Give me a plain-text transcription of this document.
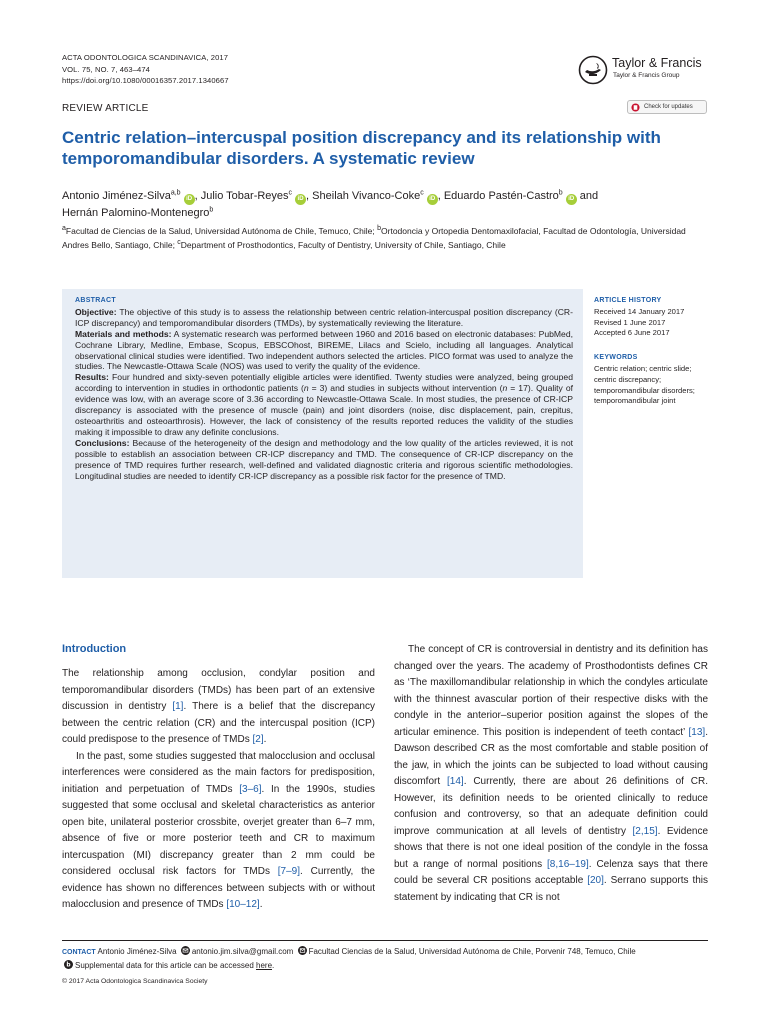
ACTA ODONTOLOGICA SCANDINAVICA, 2017
VOL. 75, NO. 7, 463–474
https://doi.org/10.1080/00016357.2017.1340667
Taylor & Francis
Taylor & Francis Group
REVIEW ARTICLE	Check for updates
Centric relation–intercuspal position discrepancy and its relationship with temporomandibular disorders. A systematic review
Antonio Jiménez-Silva$^{a,b}$iD , Julio Tobar-Reyes$^c$iD , Sheilah Vivanco-Coke$^c$iD , Eduardo Pastén-Castro$^b$iD and
Hernán Palomino-Montenegro$^b$
$^a$Facultad de Ciencias de la Salud, Universidad Autónoma de Chile, Temuco, Chile; $^b$Ortodoncia y Ortopedia Dentomaxilofacial, Facultad de Odontología, Universidad Andres Bello, Santiago, Chile; $^c$Department of Prosthodontics, Faculty of Dentistry, University of Chile, Santiago, Chile
ABSTRACT

Objective: The objective of this study is to assess the relationship between centric relation-intercuspal position discrepancy (CR-ICP discrepancy) and temporomandibular disorders (TMDs), by systematically reviewing the literature.

Materials and methods: A systematic research was performed between 1960 and 2016 based on electronic databases: PubMed, Cochrane Library, Medline, Embase, Scopus, EBSCOhost, BIREME, Lilacs and Scielo, including all languages. Analytical observational clinical studies were identified. Two independent authors selected the articles. PICO format was used to analyze the studies. The Newcastle-Ottawa Scale (NOS) was used to verify the quality of the evidence.

Results: Four hundred and sixty-seven potentially eligible articles were identified. Twenty studies were analyzed, being grouped according to intervention in studies in orthodontic patients (n = 3) and studies in subjects without intervention (n = 17). Quality of evidence was low, with an average score of 3.36 according to Newcastle-Ottawa Scale. In most studies, the presence of CR-ICP discrepancy is associated with the presence of muscle (pain) and joint disorders (noise, disc displacement, pain, crepitus, osteoarthritis and osteoarthrosis). However, the lack of consistency of the results reported reduces the validity of the studies making it impossible to draw any definite conclusions.

Conclusions: Because of the heterogeneity of the design and methodology and the low quality of the articles reviewed, it is not possible to establish an association between CR-ICP discrepancy and TMD. The consequence of CR-ICP discrepancy on the presence of TMD requires further research, well-defined and validated diagnostic criteria and rigorous scientific methodologies. Longitudinal studies are needed to identify CR-ICP discrepancy as a possible risk factor for the presence of TMD.

ARTICLE HISTORY
Received 14 January 2017
Revised 1 June 2017
Accepted 6 June 2017
KEYWORDS
Centric relation; centric slide; centric discrepancy; temporomandibular disorders; temporomandibular joint
Introduction

The relationship among occlusion, condylar position and temporomandibular disorders (TMDs) has been part of an extensive discussion in dentistry [1]. There is a belief that the discrepancy between the centric relation (CR) and the intercuspal position (ICP) could predispose to the presence of TMDs [2].

In the past, some studies suggested that malocclusion and occlusal interferences were considered as the main factors for predisposition, initiation and perpetuation of TMDs [3–6]. In the 1990s, studies suggested that some occlusal and skeletal characteristics as anterior open bite, unilateral posterior crossbite, overjet greater than 6–7 mm, absence of five or more posterior teeth and CR to maximum intercuspation (MI) discrepancy greater than 2 mm could be considered occlusal risk factors for TMDs [7–9]. Currently, the evidence has shown no differences between subjects with or without malocclusion and presence of TMDs [10–12].

The concept of CR is controversial in dentistry and its definition has changed over the years. The academy of Prosthodontists defines CR as ‘The maxillomandibular relationship in which the condyles articulate with the thinnest avascular portion of their respective disks with the condyle in the anterior–superior position against the slopes of the articular eminence. This position is independent of teeth contact’ [13]. Dawson described CR as the most comfortable and stable position of the jaw, in which the joints can be subjected to load without causing discomfort [14]. Currently, there are about 26 definitions of CR. However, its definition needs to be oriented clinically to reduce confusion and controversy, so that an adequate definition could improve communication at all levels of dentistry [2,15]. Evidence shows that there is not one ideal position of the condyle in the fossa but a range of normal positions [8,16–19]. Celenza says that there could be several CR positions acceptable [20]. Serrano supports this statement by indicating that CR is not

CONTACT Antonio Jiménez-Silva antonio.jim.silva@gmail.com Facultad Ciencias de la Salud, Universidad Autónoma de Chile, Porvenir 748, Temuco, Chile
b Supplemental data for this article can be accessed here.
© 2017 Acta Odontologica Scandinavica Society
